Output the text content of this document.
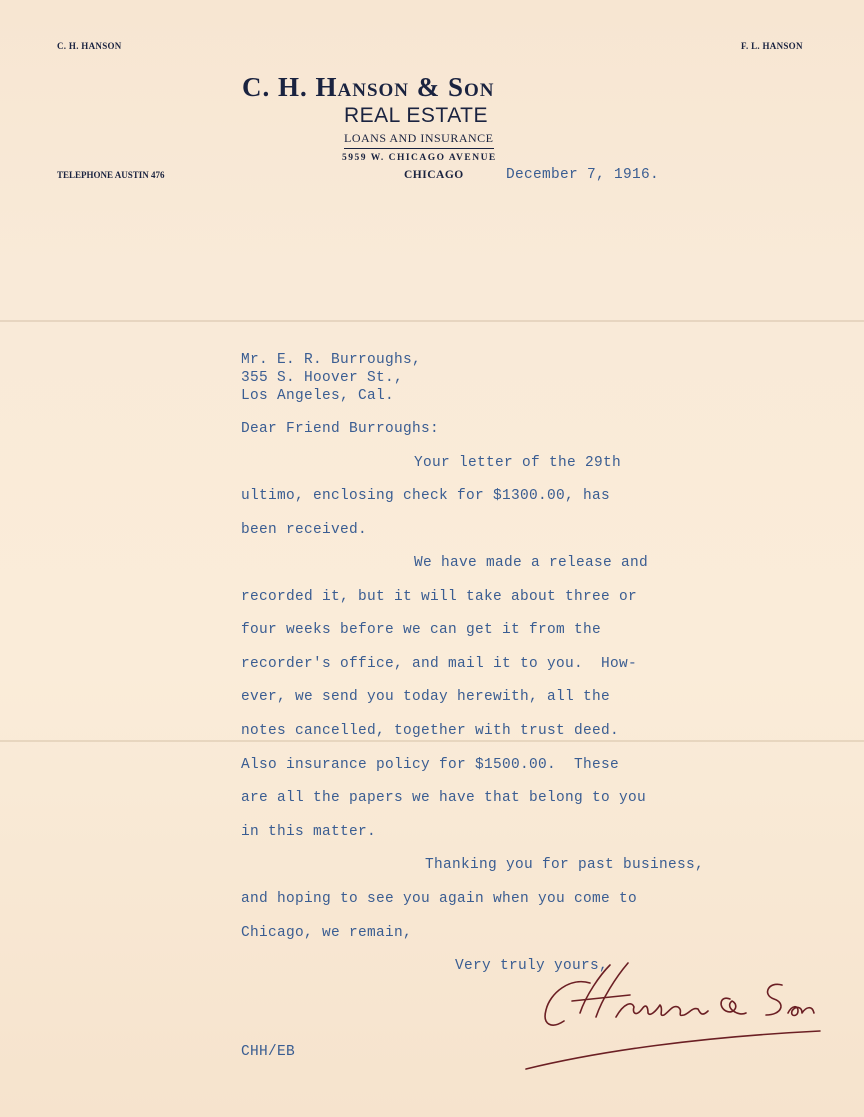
C. H. HANSON	F. L. HANSON
C. H. Hanson & Son
REAL ESTATE
LOANS AND INSURANCE
5959 W. CHICAGO AVENUE
TELEPHONE AUSTIN 476	CHICAGO	December 7, 1916.
Mr. E. R. Burroughs,
355 S. Hoover St.,
Los Angeles, Cal.
Dear Friend Burroughs:
Your letter of the 29th
ultimo, enclosing check for $1300.00, has
been received.
We have made a release and
recorded it, but it will take about three or
four weeks before we can get it from the
recorder's office, and mail it to you.  How-
ever, we send you today herewith, all the
notes cancelled, together with trust deed.
Also insurance policy for $1500.00.  These
are all the papers we have that belong to you
in this matter.
Thanking you for past business,
and hoping to see you again when you come to
Chicago, we remain,
Very truly yours,
CHH/EB
